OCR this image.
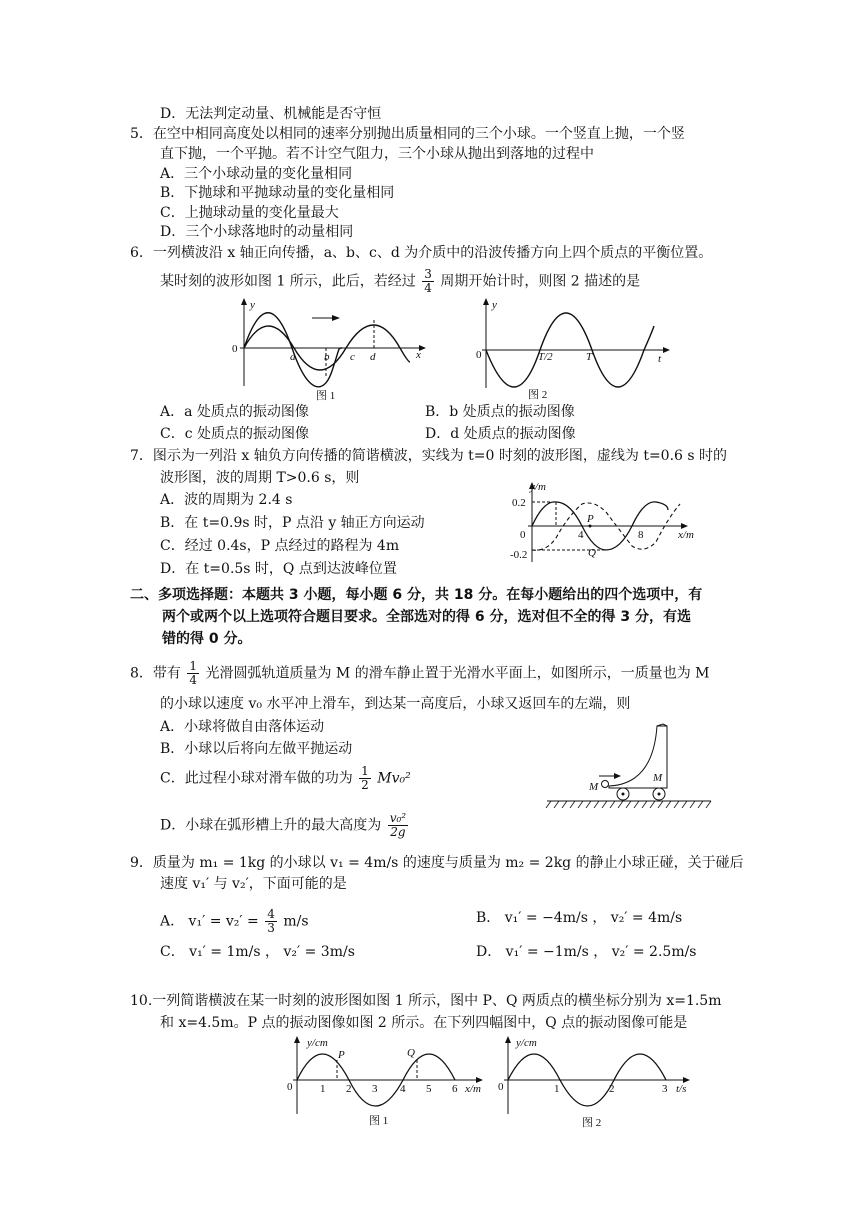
D．无法判定动量、机械能是否守恒
5．在空中相同高度处以相同的速率分别抛出质量相同的三个小球。一个竖直上抛，一个竖
直下抛，一个平抛。若不计空气阻力，三个小球从抛出到落地的过程中
A．三个小球动量的变化量相同
B．下抛球和平抛球动量的变化量相同
C．上抛球动量的变化量最大
D．三个小球落地时的动量相同
6．一列横波沿 x 轴正向传播，a、b、c、d 为介质中的沿波传播方向上四个质点的平衡位置。
某时刻的波形如图 1 所示，此后，若经过 $\frac{3}{4}$ 周期开始计时，则图 2 描述的是
y
0
a	b c d	x
图 1
y
0	T/2	T	t
图 2
A．a 处质点的振动图像	B．b 处质点的振动图像
C．c 处质点的振动图像	D．d 处质点的振动图像
7．图示为一列沿 x 轴负方向传播的简谐横波，实线为 t=0 时刻的波形图，虚线为 t=0.6 s 时的
波形图，波的周期 T>0.6 s，则
A．波的周期为 2.4 s
B．在 t=0.9s 时，P 点沿 y 轴正方向运动
C．经过 0.4s，P 点经过的路程为 4m
D．在 t=0.5s 时，Q 点到达波峰位置
y/m
0.2
-0.2
0	4	8	x/m
P
Q
二、多项选择题：本题共 3 小题，每小题 6 分，共 18 分。在每小题给出的四个选项中，有
两个或两个以上选项符合题目要求。全部选对的得 6 分，选对但不全的得 3 分，有选
错的得 0 分。
8．带有 $\frac{1}{4}$ 光滑圆弧轨道质量为 M 的滑车静止置于光滑水平面上，如图所示，一质量也为 M
的小球以速度 v₀ 水平冲上滑车，到达某一高度后，小球又返回车的左端，则
A．小球将做自由落体运动
B．小球以后将向左做平抛运动
C．此过程小球对滑车做的功为 $\frac{1}{2} Mv_0^2$
D．小球在弧形槽上升的最大高度为 $\frac{\text{v₀²}}{2g}$
M
M
9．质量为 m₁ = 1kg 的小球以 v₁ = 4m/s 的速度与质量为 m₂ = 2kg 的静止小球正碰，关于碰后
速度 v₁′ 与 v₂′，下面可能的是
A． $v_1' = v_2' = \frac{4}{3} m/s$	B． v₁′ = −4m/s ， v₂′ = 4m/s
C． v₁′ = 1m/s ， v₂′ = 3m/s	D． v₁′ = −1m/s ， v₂′ = 2.5m/s
10.一列简谐横波在某一时刻的波形图如图 1 所示，图中 P、Q 两质点的横坐标分别为 x=1.5m
和 x=4.5m。P 点的振动图像如图 2 所示。在下列四幅图中，Q 点的振动图像可能是
y/cm
0	1 2 3 4 5 6 x/m
P	Q
图 1
y/cm
0	1	2	3 t/s
图 2
